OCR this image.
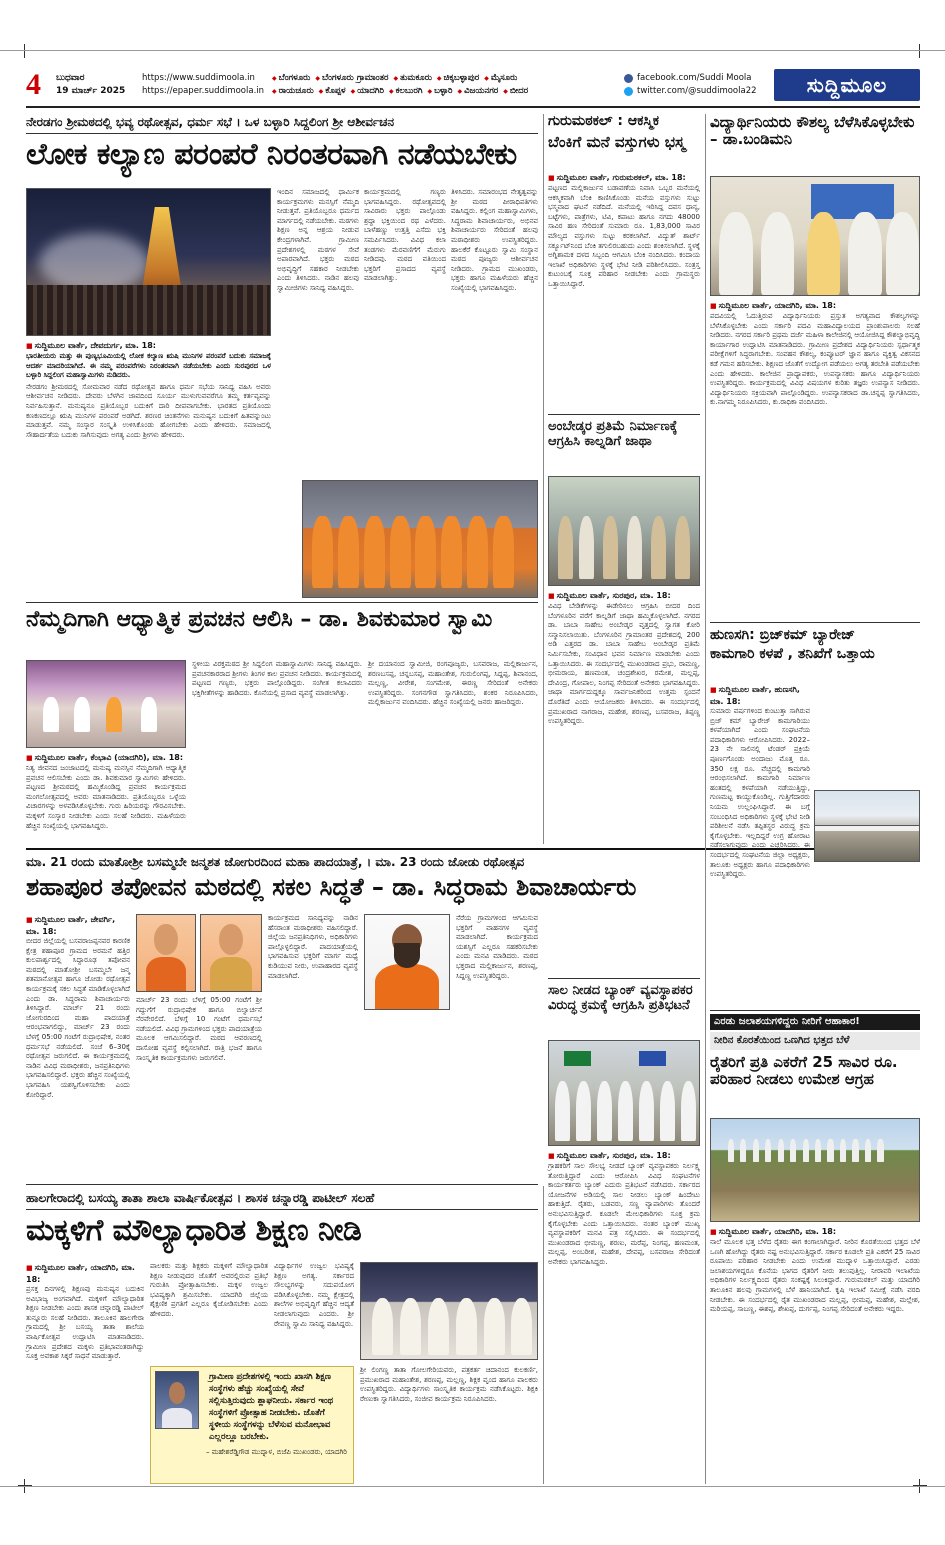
4	ಬುಧವಾರ
19 ಮಾರ್ಚ್ 2025
https://www.suddimoola.in
https://epaper.suddimoola.in
◆ ಬೆಂಗಳೂರು	◆ ಬೆಂಗಳೂರು ಗ್ರಾಮಾಂತರ	◆ ತುಮಕೂರು	◆ ಚಿಕ್ಕಬಳ್ಳಾಪುರ	◆ ಮೈಸೂರು
◆ ರಾಯಚೂರು	◆ ಕೊಪ್ಪಳ	◆ ಯಾದಗಿರಿ	◆ ಕಲಬುರಗಿ	◆ ಬಳ್ಳಾರಿ	◆ ವಿಜಯನಗರ	◆ ಬೀದರ
facebook.com/Suddi Moola
twitter.com/@suddimoola22	ಸುದ್ದಿಮೂಲ
ನೇರಡಗಂ ಶ್ರೀಮಠದಲ್ಲಿ ಭವ್ಯ ರಥೋತ್ಸವ, ಧರ್ಮ ಸಭೆ । ಒಳ ಬಳ್ಳಾರಿ ಸಿದ್ದಲಿಂಗ ಶ್ರೀ ಆಶೀರ್ವಚನ
ಲೋಕ ಕಲ್ಯಾಣ ಪರಂಪರೆ ನಿರಂತರವಾಗಿ ನಡೆಯಬೇಕು
■ ಸುದ್ದಿಮೂಲ ವಾರ್ತೆ, ದೇವದುರ್ಗ, ಮಾ. 18:
ಭಾರತೀಯರು ಮತ್ತು ಈ ಪುಣ್ಯಭೂಮಿಯಲ್ಲಿ ಲೋಕ ಕಲ್ಯಾಣ ಋಷಿ ಮುನಿಗಳ ಪರಂಪರೆ ಬದುಕು ಸಮಾಜಕ್ಕೆ ಆದರ್ಶ ಮಾದರಿಯಾಗಿದೆ. ಈ ನಮ್ಮ ಪರಂಪರೆಗಳು ನಿರಂತರವಾಗಿ ನಡೆಯಬೇಕು ಎಂದು ಸುರಪುರದ ಒಳ ಬಳ್ಳಾರಿ ಸಿದ್ದಲಿಂಗ ಮಹಾಸ್ವಾಮಿಗಳು ನುಡಿದರು.
ನೇರಡಗಂ ಶ್ರೀಮಠದಲ್ಲಿ ಸೋಮವಾರ ನಡೆದ ರಥೋತ್ಸವ ಹಾಗೂ ಧರ್ಮ ಸಭೆಯ ಸಾನಿಧ್ಯ ವಹಿಸಿ ಅವರು ಆಶೀರ್ವಚನ ನೀಡಿದರು. ದೇವರು ಬೆಳಗಿನ ಜಾವದಿಂದ ಸೂರ್ಯ ಮುಳುಗುವವರೆಗೂ ತಮ್ಮ ಕರ್ತವ್ಯವನ್ನು ನಿರ್ವಹಿಸುತ್ತಾನೆ. ಮನುಷ್ಯನೂ ಪ್ರತಿಯೊಬ್ಬರ ಬದುಕಿಗೆ ದಾರಿ ದೀಪವಾಗಬೇಕು. ಭಾರತದ ಪ್ರತಿಯೊಂದು ಕಣಕಣದಲ್ಲೂ ಋಷಿ ಮುನಿಗಳ ಪರಂಪರೆ ಅಡಗಿದೆ. ಶರಣರ ಚಿಂತನೆಗಳು ಮನುಷ್ಯನ ಬದುಕಿಗೆ ಹಿತವನ್ನುಂಟು ಮಾಡುತ್ತವೆ. ನಮ್ಮ ಸಂಸ್ಕಾರ ಸಂಸ್ಕೃತಿ ಉಳಿಸಿಕೊಂಡು ಹೋಗಬೇಕು ಎಂದು ಹೇಳಿದರು. ಸಮಾಜದಲ್ಲಿ ಸೌಹಾರ್ದತೆಯ ಬದುಕು ಸಾಗಿಸುವುದು ಅಗತ್ಯ ಎಂದು ಶ್ರೀಗಳು ಹೇಳಿದರು.
ಇಂದಿನ ಸಮಾಜದಲ್ಲಿ ಧಾರ್ಮಿಕ ಕಾರ್ಯಕ್ರಮಗಳು ಮನಸ್ಸಿಗೆ ನೆಮ್ಮದಿ ನೀಡುತ್ತವೆ. ಪ್ರತಿಯೊಬ್ಬರೂ ಧರ್ಮದ ಮಾರ್ಗದಲ್ಲಿ ನಡೆಯಬೇಕು. ಮಠಗಳು ಶಿಕ್ಷಣ ಅನ್ನ ಆಶ್ರಯ ನೀಡುವ ಕೇಂದ್ರಗಳಾಗಿವೆ. ಗ್ರಾಮೀಣ ಪ್ರದೇಶಗಳಲ್ಲಿ ಮಠಗಳ ಸೇವೆ ಅಪಾರವಾಗಿದೆ. ಭಕ್ತರು ಮಠದ ಅಭಿವೃದ್ಧಿಗೆ ಸಹಕಾರ ನೀಡಬೇಕು ಎಂದು ತಿಳಿಸಿದರು. ನಾಡಿನ ಹಲವು ಸ್ವಾಮೀಜಿಗಳು ಸಾನಿಧ್ಯ ವಹಿಸಿದ್ದರು.
ಕಾರ್ಯಕ್ರಮದಲ್ಲಿ ಗಣ್ಯರು ಭಾಗವಹಿಸಿದ್ದರು. ರಥೋತ್ಸವದಲ್ಲಿ ಸಾವಿರಾರು ಭಕ್ತರು ಪಾಲ್ಗೊಂಡು ಶ್ರದ್ಧಾ ಭಕ್ತಿಯಿಂದ ರಥ ಎಳೆದರು. ಬಾಳೆಹಣ್ಣು ಉತ್ತತ್ತಿ ಎಸೆದು ಭಕ್ತಿ ಸಮರ್ಪಿಸಿದರು. ವಿವಿಧ ಕಲಾ ತಂಡಗಳು ಮೆರವಣಿಗೆಗೆ ಮೆರುಗು ನೀಡಿದವು. ಮಠದ ವತಿಯಿಂದ ಭಕ್ತರಿಗೆ ಪ್ರಸಾದದ ವ್ಯವಸ್ಥೆ ಮಾಡಲಾಗಿತ್ತು.
ತಿಳಿಸಿದರು. ಸಮಾರಂಭದ ನೇತೃತ್ವವನ್ನು ಶ್ರೀ ಮಠದ ಪೀಠಾಧಿಪತಿಗಳು ವಹಿಸಿದ್ದರು. ಕಲ್ಲಿಂಗ ಮಹಾಸ್ವಾಮಿಗಳು, ಸಿದ್ಧರಾಮ ಶಿವಾಚಾರ್ಯರು, ಅಭಿನವ ಶಿವಾಚಾರ್ಯರು ಸೇರಿದಂತೆ ಹಲವು ಮಠಾಧೀಶರು ಉಪಸ್ಥಿತರಿದ್ದರು. ಹಾಲಕೆರೆ ಕೊಟ್ಟೂರು ಸ್ವಾಮಿ ಸಂಸ್ಥಾನ ಮಠದ ಪೂಜ್ಯರು ಆಶೀರ್ವಚನ ನೀಡಿದರು. ಗ್ರಾಮದ ಮುಖಂಡರು, ಭಕ್ತರು ಹಾಗೂ ಮಹಿಳೆಯರು ಹೆಚ್ಚಿನ ಸಂಖ್ಯೆಯಲ್ಲಿ ಭಾಗವಹಿಸಿದ್ದರು.
ನೆಮ್ಮದಿಗಾಗಿ ಆಧ್ಯಾತ್ಮಿಕ ಪ್ರವಚನ ಆಲಿಸಿ – ಡಾ. ಶಿವಕುಮಾರ ಸ್ವಾಮಿ
■ ಸುದ್ದಿಮೂಲ ವಾರ್ತೆ, ಕೆಂಭಾವಿ (ಯಾದಗಿರಿ), ಮಾ. 18:
ನಿತ್ಯ ಜೀವನದ ಜಂಜಾಟದಲ್ಲಿ ಮನುಷ್ಯ ಮನಸ್ಸಿನ ನೆಮ್ಮದಿಗಾಗಿ ಆಧ್ಯಾತ್ಮಿಕ ಪ್ರವಚನ ಆಲಿಸಬೇಕು ಎಂದು ಡಾ. ಶಿವಕುಮಾರ ಸ್ವಾಮಿಗಳು ಹೇಳಿದರು. ಪಟ್ಟಣದ ಶ್ರೀಮಠದಲ್ಲಿ ಹಮ್ಮಿಕೊಂಡಿದ್ದ ಪ್ರವಚನ ಕಾರ್ಯಕ್ರಮದ ಮಂಗಲೋತ್ಸವದಲ್ಲಿ ಅವರು ಮಾತನಾಡಿದರು. ಪ್ರತಿಯೊಬ್ಬರೂ ಒಳ್ಳೆಯ ವಿಚಾರಗಳನ್ನು ಅಳವಡಿಸಿಕೊಳ್ಳಬೇಕು. ಗುರು ಹಿರಿಯರನ್ನು ಗೌರವಿಸಬೇಕು. ಮಕ್ಕಳಿಗೆ ಸಂಸ್ಕಾರ ನೀಡಬೇಕು ಎಂದು ಸಲಹೆ ನೀಡಿದರು. ಮಹಿಳೆಯರು ಹೆಚ್ಚಿನ ಸಂಖ್ಯೆಯಲ್ಲಿ ಭಾಗವಹಿಸಿದ್ದರು.
ಸ್ಥಳೀಯ ವಿರಕ್ತಮಠದ ಶ್ರೀ ಸಿದ್ದಲಿಂಗ ಮಹಾಸ್ವಾಮಿಗಳು ಸಾನಿಧ್ಯ ವಹಿಸಿದ್ದರು. ಪ್ರವಚನಕಾರರಾದ ಶ್ರೀಗಳು ತಿಂಗಳ ಕಾಲ ಪ್ರವಚನ ನೀಡಿದರು. ಕಾರ್ಯಕ್ರಮದಲ್ಲಿ ಪಟ್ಟಣದ ಗಣ್ಯರು, ಭಕ್ತರು ಪಾಲ್ಗೊಂಡಿದ್ದರು. ಸಂಗೀತ ಕಲಾವಿದರು ಭಕ್ತಿಗೀತೆಗಳನ್ನು ಹಾಡಿದರು. ಕೊನೆಯಲ್ಲಿ ಪ್ರಸಾದ ವ್ಯವಸ್ಥೆ ಮಾಡಲಾಗಿತ್ತು.
ಶ್ರೀ ದಯಾನಂದ ಸ್ವಾಮೀಜಿ, ರಂಗಪೂಜ್ಯರು, ಬಸವರಾಜ, ಮಲ್ಲಿಕಾರ್ಜುನ, ಶರಣಬಸಪ್ಪ, ಚನ್ನಬಸಪ್ಪ, ಮಹಾಂತೇಶ, ಗುರುಲಿಂಗಪ್ಪ, ಸಿದ್ದಪ್ಪ, ಶಿವಾನಂದ, ಮಲ್ಲಣ್ಣ, ವೀರೇಶ, ಸಂಗಮೇಶ, ಈರಣ್ಣ ಸೇರಿದಂತೆ ಅನೇಕರು ಉಪಸ್ಥಿತರಿದ್ದರು. ಸಂಗನಗೌಡ ಸ್ವಾಗತಿಸಿದರು, ಶಂಕರ ನಿರೂಪಿಸಿದರು, ಮಲ್ಲಿಕಾರ್ಜುನ ವಂದಿಸಿದರು. ಹೆಚ್ಚಿನ ಸಂಖ್ಯೆಯಲ್ಲಿ ಜನರು ಹಾಜರಿದ್ದರು.
ಮಾ. 21 ರಂದು ಮಾತೋಶ್ರೀ ಬಸಮ್ಮಬೇ ಜನ್ಮಶತ ಜೋಗುರದಿಂದ ಮಹಾ ಪಾದಯಾತ್ರೆ, । ಮಾ. 23 ರಂದು ಜೋಡು ರಥೋತ್ಸವ
ಶಹಾಪೂರ ತಪೋವನ ಮಠದಲ್ಲಿ ಸಕಲ ಸಿದ್ಧತೆ – ಡಾ. ಸಿದ್ಧರಾಮ ಶಿವಾಚಾರ್ಯರು
■ ಸುದ್ದಿಮೂಲ ವಾರ್ತೆ, ಜೇವರ್ಗಿ, ಮಾ. 18:
ಬೀದರ ಜಿಲ್ಲೆಯಲ್ಲಿ ಬಸವರಾಜಪ್ಪನವರ ಕಾರಣಿಕ ಕ್ಷೇತ್ರ ಶಹಾಪೂರ ಗ್ರಾಮದ ಅರಮನೆ ಹತ್ತಿರ ಕುಲಪಾರ್ಶ್ವದಲ್ಲಿ ಸಿದ್ದಾರೂಢ ತಪೋವನ ಮಠದಲ್ಲಿ ಮಾತೋಶ್ರೀ ಬಸಮ್ಮಬೇ ಜನ್ಮ ಶತಮಾನೋತ್ಸವ ಹಾಗೂ ಜೋಡು ರಥೋತ್ಸವ ಕಾರ್ಯಕ್ರಮಕ್ಕೆ ಸಕಲ ಸಿದ್ಧತೆ ಮಾಡಿಕೊಳ್ಳಲಾಗಿದೆ ಎಂದು ಡಾ. ಸಿದ್ಧರಾಮ ಶಿವಾಚಾರ್ಯರು ತಿಳಿಸಿದ್ದಾರೆ. ಮಾರ್ಚ್ 21 ರಂದು ಜೋಗುರದಿಂದ ಮಹಾ ಪಾದಯಾತ್ರೆ ಆರಂಭವಾಗಲಿದ್ದು, ಮಾರ್ಚ್ 23 ರಂದು ಬೆಳಗ್ಗೆ 05:00 ಗಂಟೆಗೆ ರುದ್ರಾಭಿಷೇಕ, ನಂತರ ಧರ್ಮಸಭೆ ನಡೆಯಲಿದೆ. ಸಂಜೆ 6–30ಕ್ಕೆ ರಥೋತ್ಸವ ಜರುಗಲಿದೆ. ಈ ಕಾರ್ಯಕ್ರಮದಲ್ಲಿ ನಾಡಿನ ವಿವಿಧ ಮಠಾಧೀಶರು, ಜನಪ್ರತಿನಿಧಿಗಳು ಭಾಗವಹಿಸಲಿದ್ದಾರೆ. ಭಕ್ತರು ಹೆಚ್ಚಿನ ಸಂಖ್ಯೆಯಲ್ಲಿ ಭಾಗವಹಿಸಿ ಯಶಸ್ವಿಗೊಳಿಸಬೇಕು ಎಂದು ಕೋರಿದ್ದಾರೆ.
ಮಾರ್ಚ್ 23 ರಂದು ಬೆಳಿಗ್ಗೆ 05:00 ಗಂಟೆಗೆ ಶ್ರೀ ಗದ್ದುಗೆಗೆ ರುದ್ರಾಭಿಷೇಕ ಹಾಗೂ ಬಿಲ್ವಾರ್ಚನೆ ನೆರವೇರಲಿದೆ. ಬೆಳಿಗ್ಗೆ 10 ಗಂಟೆಗೆ ಧರ್ಮಸಭೆ ನಡೆಯಲಿದೆ. ವಿವಿಧ ಗ್ರಾಮಗಳಿಂದ ಭಕ್ತರು ಪಾದಯಾತ್ರೆಯ ಮೂಲಕ ಆಗಮಿಸಲಿದ್ದಾರೆ. ಮಠದ ಆವರಣದಲ್ಲಿ ದಾಸೋಹ ವ್ಯವಸ್ಥೆ ಕಲ್ಪಿಸಲಾಗಿದೆ. ರಾತ್ರಿ ಭಜನೆ ಹಾಗೂ ಸಾಂಸ್ಕೃತಿಕ ಕಾರ್ಯಕ್ರಮಗಳು ಜರುಗಲಿವೆ.
ಕಾರ್ಯಕ್ರಮದ ಸಾನಿಧ್ಯವನ್ನು ನಾಡಿನ ಹೆಸರಾಂತ ಮಠಾಧೀಶರು ವಹಿಸಲಿದ್ದಾರೆ. ಜಿಲ್ಲೆಯ ಜನಪ್ರತಿನಿಧಿಗಳು, ಅಧಿಕಾರಿಗಳು ಪಾಲ್ಗೊಳ್ಳಲಿದ್ದಾರೆ. ಪಾದಯಾತ್ರೆಯಲ್ಲಿ ಭಾಗವಹಿಸುವ ಭಕ್ತರಿಗೆ ಮಾರ್ಗ ಮಧ್ಯೆ ಕುಡಿಯುವ ನೀರು, ಉಪಾಹಾರದ ವ್ಯವಸ್ಥೆ ಮಾಡಲಾಗಿದೆ.
ನೆರೆಯ ಗ್ರಾಮಗಳಿಂದ ಆಗಮಿಸುವ ಭಕ್ತರಿಗೆ ವಾಹನಗಳ ವ್ಯವಸ್ಥೆ ಮಾಡಲಾಗಿದೆ. ಕಾರ್ಯಕ್ರಮದ ಯಶಸ್ಸಿಗೆ ಎಲ್ಲರೂ ಸಹಕರಿಸಬೇಕು ಎಂದು ಮನವಿ ಮಾಡಿದರು. ಮಠದ ಭಕ್ತರಾದ ಮಲ್ಲಿಕಾರ್ಜುನ, ಶರಣಪ್ಪ, ಸಿದ್ದಣ್ಣ ಉಪಸ್ಥಿತರಿದ್ದರು.
ಹಾಲಗೇರಾದಲ್ಲಿ ಬಸಯ್ಯ ತಾತಾ ಶಾಲಾ ವಾರ್ಷಿಕೋತ್ಸವ । ಶಾಸಕ ಚನ್ನಾರಡ್ಡಿ ಪಾಟೀಲ್ ಸಲಹೆ
ಮಕ್ಕಳಿಗೆ ಮೌಲ್ಯಾಧಾರಿತ ಶಿಕ್ಷಣ ನೀಡಿ
■ ಸುದ್ದಿಮೂಲ ವಾರ್ತೆ, ಯಾದಗಿರಿ, ಮಾ. 18:
ಪ್ರಸಕ್ತ ದಿನಗಳಲ್ಲಿ ಶಿಕ್ಷಣವು ಮನುಷ್ಯನ ಬದುಕಿನ ಅವಿಭಾಜ್ಯ ಅಂಗವಾಗಿದೆ. ಮಕ್ಕಳಿಗೆ ಮೌಲ್ಯಾಧಾರಿತ ಶಿಕ್ಷಣ ನೀಡಬೇಕು ಎಂದು ಶಾಸಕ ಚನ್ನಾರಡ್ಡಿ ಪಾಟೀಲ್ ತುನ್ನೂರು ಸಲಹೆ ನೀಡಿದರು. ತಾಲೂಕಿನ ಹಾಲಗೇರಾ ಗ್ರಾಮದಲ್ಲಿ ಶ್ರೀ ಬಸಯ್ಯ ತಾತಾ ಶಾಲೆಯ ವಾರ್ಷಿಕೋತ್ಸವ ಉದ್ಘಾಟಿಸಿ ಮಾತನಾಡಿದರು. ಗ್ರಾಮೀಣ ಪ್ರದೇಶದ ಮಕ್ಕಳು ಪ್ರತಿಭಾವಂತರಾಗಿದ್ದು ಸೂಕ್ತ ಅವಕಾಶ ಸಿಕ್ಕರೆ ಸಾಧನೆ ಮಾಡುತ್ತಾರೆ.
ಪಾಲಕರು ಮತ್ತು ಶಿಕ್ಷಕರು ಮಕ್ಕಳಿಗೆ ಮೌಲ್ಯಾಧಾರಿತ ಶಿಕ್ಷಣ ನೀಡುವುದರ ಜೊತೆಗೆ ಅವರಲ್ಲಿರುವ ಪ್ರತಿಭೆ ಗುರುತಿಸಿ ಪ್ರೋತ್ಸಾಹಿಸಬೇಕು. ಮಕ್ಕಳ ಉಜ್ವಲ ಭವಿಷ್ಯಕ್ಕಾಗಿ ಶ್ರಮಿಸಬೇಕು. ಯಾದಗಿರಿ ಜಿಲ್ಲೆಯ ಶೈಕ್ಷಣಿಕ ಪ್ರಗತಿಗೆ ಎಲ್ಲರೂ ಕೈಜೋಡಿಸಬೇಕು ಎಂದು ಹೇಳಿದರು.
ವಿದ್ಯಾರ್ಥಿಗಳ ಉಜ್ವಲ ಭವಿಷ್ಯಕ್ಕೆ ಶಿಕ್ಷಣ ಅಗತ್ಯ. ಸರ್ಕಾರದ ಸೌಲಭ್ಯಗಳನ್ನು ಸದುಪಯೋಗ ಪಡಿಸಿಕೊಳ್ಳಬೇಕು. ನಮ್ಮ ಕ್ಷೇತ್ರದಲ್ಲಿ ಶಾಲೆಗಳ ಅಭಿವೃದ್ಧಿಗೆ ಹೆಚ್ಚಿನ ಆದ್ಯತೆ ನೀಡಲಾಗುವುದು ಎಂದರು. ಶ್ರೀ ರೇವಣ್ಣ ಸ್ವಾಮಿ ಸಾನಿಧ್ಯ ವಹಿಸಿದ್ದರು.
ಗ್ರಾಮೀಣ ಪ್ರದೇಶಗಳಲ್ಲಿ ಇಂದು ಖಾಸಗಿ ಶಿಕ್ಷಣ ಸಂಸ್ಥೆಗಳು ಹೆಚ್ಚು ಸಂಖ್ಯೆಯಲ್ಲಿ ಸೇವೆ ಸಲ್ಲಿಸುತ್ತಿರುವುದು ಶ್ಲಾಘನೀಯ. ಸರ್ಕಾರ ಇಂಥ ಸಂಸ್ಥೆಗಳಿಗೆ ಪ್ರೋತ್ಸಾಹ ನೀಡಬೇಕು. ಜೊತೆಗೆ ಸ್ಥಳೀಯ ಸಂಸ್ಥೆಗಳನ್ನು ಬೆಳೆಸುವ ಮನೋಭಾವ ಎಲ್ಲರಲ್ಲೂ ಬರಬೇಕು.
– ಮಹೇಶರೆಡ್ಡಿಗೌಡ ಮುದ್ನಾಳ, ಬಿಜೆಪಿ ಮುಖಂಡರು, ಯಾದಗಿರಿ
ಶ್ರೀ ಲಿಂಗಣ್ಣ ತಾತಾ ಗೋಲಗೇರಿಯವರು, ಪತ್ರಕರ್ತ ಚಿದಾನಂದ ಕುಲಕರ್ಣಿ, ಪ್ರಮುಖರಾದ ಮಹಾಂತೇಶ, ಶರಣಪ್ಪ, ಮಲ್ಲಣ್ಣ, ಶಿಕ್ಷಕ ವೃಂದ ಹಾಗೂ ಪಾಲಕರು ಉಪಸ್ಥಿತರಿದ್ದರು. ವಿದ್ಯಾರ್ಥಿಗಳು ಸಾಂಸ್ಕೃತಿಕ ಕಾರ್ಯಕ್ರಮ ನಡೆಸಿಕೊಟ್ಟರು. ಶಿಕ್ಷಕಿ ರೇಣುಕಾ ಸ್ವಾಗತಿಸಿದರು, ಸಂಜೀವ ಕಾರ್ಯಕ್ರಮ ನಿರೂಪಿಸಿದರು.
ಗುರುಮಠಕಲ್ : ಆಕಸ್ಮಿಕ
ಬೆಂಕಿಗೆ ಮನೆ ವಸ್ತುಗಳು ಭಸ್ಮ
■ ಸುದ್ದಿಮೂಲ ವಾರ್ತೆ, ಗುರುಮಠಕಲ್, ಮಾ. 18:
ಪಟ್ಟಣದ ಮಲ್ಲಿಕಾರ್ಜುನ ಬಡಾವಣೆಯ ನಿವಾಸಿ ಒಬ್ಬರ ಮನೆಯಲ್ಲಿ ಆಕಸ್ಮಿಕವಾಗಿ ಬೆಂಕಿ ಕಾಣಿಸಿಕೊಂಡು ಮನೆಯ ವಸ್ತುಗಳು ಸುಟ್ಟು ಭಸ್ಮವಾದ ಘಟನೆ ನಡೆದಿದೆ. ಮನೆಯಲ್ಲಿ ಇರಿಸಿದ್ದ ದವಸ ಧಾನ್ಯ, ಬಟ್ಟೆಗಳು, ಪಾತ್ರೆಗಳು, ಟಿವಿ, ಕಪಾಟು ಹಾಗೂ ನಗದು 48000 ಸಾವಿರ ಹಣ ಸೇರಿದಂತೆ ಸುಮಾರು ರೂ. 1,83,000 ಸಾವಿರ ಮೌಲ್ಯದ ವಸ್ತುಗಳು ಸುಟ್ಟು ಕರಕಲಾಗಿವೆ. ವಿದ್ಯುತ್ ಶಾರ್ಟ್ ಸರ್ಕ್ಯೂಟ್‌ನಿಂದ ಬೆಂಕಿ ತಗುಲಿರಬಹುದು ಎಂದು ಶಂಕಿಸಲಾಗಿದೆ. ಸ್ಥಳಕ್ಕೆ ಅಗ್ನಿಶಾಮಕ ದಳದ ಸಿಬ್ಬಂದಿ ಆಗಮಿಸಿ ಬೆಂಕಿ ನಂದಿಸಿದರು. ಕಂದಾಯ ಇಲಾಖೆ ಅಧಿಕಾರಿಗಳು ಸ್ಥಳಕ್ಕೆ ಭೇಟಿ ನೀಡಿ ಪರಿಶೀಲಿಸಿದರು. ಸಂತ್ರಸ್ತ ಕುಟುಂಬಕ್ಕೆ ಸೂಕ್ತ ಪರಿಹಾರ ನೀಡಬೇಕು ಎಂದು ಗ್ರಾಮಸ್ಥರು ಒತ್ತಾಯಿಸಿದ್ದಾರೆ.
ಅಂಬೇಡ್ಕರ ಪ್ರತಿಮೆ ನಿರ್ಮಾಣಕ್ಕೆ ಆಗ್ರಹಿಸಿ ಕಾಲ್ನಡಿಗೆ ಜಾಥಾ
■ ಸುದ್ದಿಮೂಲ ವಾರ್ತೆ, ಸುರಪುರ, ಮಾ. 18:
ವಿವಿಧ ಬೇಡಿಕೆಗಳನ್ನು ಈಡೇರಿಸಲು ಆಗ್ರಹಿಸಿ ಬೀದರ ದಿಂದ ಬೆಂಗಳೂರಿನ ವರೆಗೆ ಕಾಲ್ನಡಿಗೆ ಜಾಥಾ ಹಮ್ಮಿಕೊಳ್ಳಲಾಗಿದೆ. ನಗರದ ಡಾ. ಬಾಬಾ ಸಾಹೇಬ ಅಂಬೇಡ್ಕರ ವೃತ್ತದಲ್ಲಿ ಸ್ವಾಗತ ಕೋರಿ ಸನ್ಮಾನಿಸಲಾಯಿತು. ಬೆಂಗಳೂರಿನ ಗ್ರಾಮಾಂತರ ಪ್ರದೇಶದಲ್ಲಿ 200 ಅಡಿ ಎತ್ತರದ ಡಾ. ಬಾಬಾ ಸಾಹೇಬ ಅಂಬೇಡ್ಕರ ಪ್ರತಿಮೆ ನಿರ್ಮಿಸಬೇಕು, ಸಂವಿಧಾನ ಭವನ ನಿರ್ಮಾಣ ಮಾಡಬೇಕು ಎಂದು ಒತ್ತಾಯಿಸಿದರು. ಈ ಸಂದರ್ಭದಲ್ಲಿ ಮುಖಂಡರಾದ ಪ್ರಭು, ರಾಮಣ್ಣ, ಭೀಮರಾಯ, ಹಣಮಂತ, ಚಂದ್ರಶೇಖರ, ರಮೇಶ, ಮಲ್ಲಪ್ಪ, ದೇವಿಂದ್ರ, ಗೋಪಾಲ, ನಿಂಗಪ್ಪ ಸೇರಿದಂತೆ ಅನೇಕರು ಭಾಗವಹಿಸಿದ್ದರು. ಜಾಥಾ ಮಾರ್ಗದುದ್ದಕ್ಕೂ ಸಾರ್ವಜನಿಕರಿಂದ ಉತ್ತಮ ಸ್ಪಂದನೆ ದೊರೆತಿದೆ ಎಂದು ಆಯೋಜಕರು ತಿಳಿಸಿದರು. ಈ ಸಂದರ್ಭದಲ್ಲಿ ಪ್ರಮುಖರಾದ ನಾಗರಾಜ, ಮಹೇಶ, ಶರಣಪ್ಪ, ಬಸವರಾಜ, ತಿಪ್ಪಣ್ಣ ಉಪಸ್ಥಿತರಿದ್ದರು.
ಸಾಲ ನೀಡದ ಬ್ಯಾಂಕ್ ವ್ಯವಸ್ಥಾಪಕರ ವಿರುದ್ಧ ಕ್ರಮಕ್ಕೆ ಆಗ್ರಹಿಸಿ ಪ್ರತಿಭಟನೆ
■ ಸುದ್ದಿಮೂಲ ವಾರ್ತೆ, ಸುರಪುರ, ಮಾ. 18:
ಗ್ರಾಹಕರಿಗೆ ಸಾಲ ಸೌಲಭ್ಯ ನೀಡದೆ ಬ್ಯಾಂಕ್ ವ್ಯವಸ್ಥಾಪಕರು ನಿರ್ಲಕ್ಷ್ಯ ತೋರುತ್ತಿದ್ದಾರೆ ಎಂದು ಆರೋಪಿಸಿ ವಿವಿಧ ಸಂಘಟನೆಗಳ ಕಾರ್ಯಕರ್ತರು ಬ್ಯಾಂಕ್ ಎದುರು ಪ್ರತಿಭಟನೆ ನಡೆಸಿದರು. ಸರ್ಕಾರದ ಯೋಜನೆಗಳ ಅಡಿಯಲ್ಲಿ ಸಾಲ ನೀಡಲು ಬ್ಯಾಂಕ್ ಹಿಂದೇಟು ಹಾಕುತ್ತಿದೆ. ರೈತರು, ಬಡವರು, ಸಣ್ಣ ವ್ಯಾಪಾರಿಗಳು ತೊಂದರೆ ಅನುಭವಿಸುತ್ತಿದ್ದಾರೆ. ಕೂಡಲೇ ಮೇಲಧಿಕಾರಿಗಳು ಸೂಕ್ತ ಕ್ರಮ ಕೈಗೊಳ್ಳಬೇಕು ಎಂದು ಒತ್ತಾಯಿಸಿದರು. ನಂತರ ಬ್ಯಾಂಕ್ ಮುಖ್ಯ ವ್ಯವಸ್ಥಾಪಕರಿಗೆ ಮನವಿ ಪತ್ರ ಸಲ್ಲಿಸಿದರು. ಈ ಸಂದರ್ಭದಲ್ಲಿ ಮುಖಂಡರಾದ ಭೀಮಣ್ಣ, ಶರಣು, ಮರೆಪ್ಪ, ನಿಂಗಪ್ಪ, ಹಣಮಂತ, ಮಲ್ಲಪ್ಪ, ಅಂಬರೀಶ, ಮಹೇಶ, ದೇವಪ್ಪ, ಬಸವರಾಜ ಸೇರಿದಂತೆ ಅನೇಕರು ಭಾಗವಹಿಸಿದ್ದರು.
ವಿದ್ಯಾರ್ಥಿನಿಯರು ಕೌಶಲ್ಯ ಬೆಳೆಸಿಕೊಳ್ಳಬೇಕು – ಡಾ.ಬಂಡಿಮನಿ
■ ಸುದ್ದಿಮೂಲ ವಾರ್ತೆ, ಯಾದಗಿರಿ, ಮಾ. 18:
ಪದವಿಯಲ್ಲಿ ಓದುತ್ತಿರುವ ವಿದ್ಯಾರ್ಥಿನಿಯರು ಪ್ರಸ್ತುತ ಅಗತ್ಯವಾದ ಕೌಶಲ್ಯಗಳನ್ನು ಬೆಳೆಸಿಕೊಳ್ಳಬೇಕು ಎಂದು ಸರ್ಕಾರಿ ಪದವಿ ಮಹಾವಿದ್ಯಾಲಯದ ಪ್ರಾಂಶುಪಾಲರು ಸಲಹೆ ನೀಡಿದರು. ನಗರದ ಸರ್ಕಾರಿ ಪ್ರಥಮ ದರ್ಜೆ ಮಹಿಳಾ ಕಾಲೇಜಿನಲ್ಲಿ ಆಯೋಜಿಸಿದ್ದ ಕೌಶಲ್ಯಾಭಿವೃದ್ಧಿ ಕಾರ್ಯಾಗಾರ ಉದ್ಘಾಟಿಸಿ ಮಾತನಾಡಿದರು. ಗ್ರಾಮೀಣ ಪ್ರದೇಶದ ವಿದ್ಯಾರ್ಥಿನಿಯರು ಸ್ಪರ್ಧಾತ್ಮಕ ಪರೀಕ್ಷೆಗಳಿಗೆ ಸಿದ್ಧರಾಗಬೇಕು. ಸಂವಹನ ಕೌಶಲ್ಯ, ಕಂಪ್ಯೂಟರ್ ಜ್ಞಾನ ಹಾಗೂ ವ್ಯಕ್ತಿತ್ವ ವಿಕಸನದ ಕಡೆ ಗಮನ ಹರಿಸಬೇಕು. ಶಿಕ್ಷಣದ ಜೊತೆಗೆ ಉದ್ಯೋಗ ಪಡೆಯಲು ಅಗತ್ಯ ತರಬೇತಿ ಪಡೆಯಬೇಕು ಎಂದು ಹೇಳಿದರು. ಕಾಲೇಜಿನ ಪ್ರಾಧ್ಯಾಪಕರು, ಉಪನ್ಯಾಸಕರು ಹಾಗೂ ವಿದ್ಯಾರ್ಥಿನಿಯರು ಉಪಸ್ಥಿತರಿದ್ದರು. ಕಾರ್ಯಕ್ರಮದಲ್ಲಿ ವಿವಿಧ ವಿಷಯಗಳ ಕುರಿತು ತಜ್ಞರು ಉಪನ್ಯಾಸ ನೀಡಿದರು. ವಿದ್ಯಾರ್ಥಿನಿಯರು ಸಕ್ರಿಯವಾಗಿ ಪಾಲ್ಗೊಂಡಿದ್ದರು. ಉಪನ್ಯಾಸಕರಾದ ಡಾ.ಚನ್ನಪ್ಪ ಸ್ವಾಗತಿಸಿದರು, ಕು.ನಾಗಮ್ಮ ನಿರೂಪಿಸಿದರು, ಕು.ರಾಧಿಕಾ ವಂದಿಸಿದರು.
ಹುಣಸಗಿ: ಬ್ರಿಜ್‌ಕಮ್ ಬ್ಯಾರೇಜ್
ಕಾಮಗಾರಿ ಕಳಪೆ , ತನಿಖೆಗೆ ಒತ್ತಾಯ
■ ಸುದ್ದಿಮೂಲ ವಾರ್ತೆ, ಹುಣಸಗಿ, ಮಾ. 18:
ಸುಮಾರು ವರ್ಷಗಳಿಂದ ಕುಂಟುತ್ತಾ ಸಾಗಿರುವ ಬ್ರಿಜ್ ಕಮ್ ಬ್ಯಾರೇಜ್ ಕಾಮಗಾರಿಯು ಕಳಪೆಯಾಗಿದೆ ಎಂದು ಸಂಘಟನೆಯ ಪದಾಧಿಕಾರಿಗಳು ಆರೋಪಿಸಿದರು. 2022–23 ನೇ ಸಾಲಿನಲ್ಲಿ ಟೆಂಡರ್ ಪ್ರಕ್ರಿಯೆ ಪೂರ್ಣಗೊಂಡು ಅಂದಾಜು ಮೊತ್ತ ರೂ. 350 ಲಕ್ಷ ರೂ. ವೆಚ್ಚದಲ್ಲಿ ಕಾಮಗಾರಿ ಆರಂಭಿಸಲಾಗಿದೆ. ಕಾಮಗಾರಿ ನಿರ್ಮಾಣ ಹಂತದಲ್ಲಿ ಕಳಪೆಯಾಗಿ ನಡೆಯುತ್ತಿದ್ದು, ಗುಣಮಟ್ಟ ಕಾಯ್ದುಕೊಂಡಿಲ್ಲ. ಗುತ್ತಿಗೆದಾರರು ನಿಯಮ ಉಲ್ಲಂಘಿಸಿದ್ದಾರೆ. ಈ ಬಗ್ಗೆ ಸಂಬಂಧಿಸಿದ ಅಧಿಕಾರಿಗಳು ಸ್ಥಳಕ್ಕೆ ಭೇಟಿ ನೀಡಿ ಪರಿಶೀಲನೆ ನಡೆಸಿ ತಪ್ಪಿತಸ್ಥರ ವಿರುದ್ಧ ಕ್ರಮ ಕೈಗೊಳ್ಳಬೇಕು. ಇಲ್ಲದಿದ್ದರೆ ಉಗ್ರ ಹೋರಾಟ ನಡೆಸಲಾಗುವುದು ಎಂದು ಎಚ್ಚರಿಸಿದರು. ಈ ಸಂದರ್ಭದಲ್ಲಿ ಸಂಘಟನೆಯ ಜಿಲ್ಲಾ ಅಧ್ಯಕ್ಷರು, ತಾಲೂಕು ಅಧ್ಯಕ್ಷರು ಹಾಗೂ ಪದಾಧಿಕಾರಿಗಳು ಉಪಸ್ಥಿತರಿದ್ದರು.
ಎರಡು ಜಲಾಶಯಗಳಿದ್ದರು ನೀರಿಗೆ ಆಹಾಕಾರ!
ನೀರಿನ ಕೊರತೆಯಿಂದ ಒಣಗಿದ ಭತ್ತದ ಬೆಳೆ
ರೈತರಿಗೆ ಪ್ರತಿ ಎಕರೆಗೆ 25 ಸಾವಿರ ರೂ. ಪರಿಹಾರ ನೀಡಲು ಉಮೇಶ ಆಗ್ರಹ
■ ಸುದ್ದಿಮೂಲ ವಾರ್ತೆ, ಯಾದಗಿರಿ, ಮಾ. 18:
ನಾಲೆ ಮೂಲಕ ಭತ್ತ ಬೆಳೆದ ರೈತರು ಈಗ ಕಂಗಾಲಾಗಿದ್ದಾರೆ. ನೀರಿನ ಕೊರತೆಯಿಂದ ಭತ್ತದ ಬೆಳೆ ಒಣಗಿ ಹೋಗಿದ್ದು ರೈತರು ನಷ್ಟ ಅನುಭವಿಸುತ್ತಿದ್ದಾರೆ. ಸರ್ಕಾರ ಕೂಡಲೇ ಪ್ರತಿ ಎಕರೆಗೆ 25 ಸಾವಿರ ರೂಪಾಯಿ ಪರಿಹಾರ ನೀಡಬೇಕು ಎಂದು ಉಮೇಶ ಮುದ್ನಾಳ ಒತ್ತಾಯಿಸಿದ್ದಾರೆ. ಎರಡು ಜಲಾಶಯಗಳಿದ್ದರೂ ಕೊನೆಯ ಭಾಗದ ರೈತರಿಗೆ ನೀರು ತಲುಪುತ್ತಿಲ್ಲ. ನೀರಾವರಿ ಇಲಾಖೆಯ ಅಧಿಕಾರಿಗಳ ನಿರ್ಲಕ್ಷ್ಯದಿಂದ ರೈತರು ಸಂಕಷ್ಟಕ್ಕೆ ಸಿಲುಕಿದ್ದಾರೆ. ಗುರುಮಠಕಲ್ ಮತ್ತು ಯಾದಗಿರಿ ತಾಲೂಕಿನ ಹಲವು ಗ್ರಾಮಗಳಲ್ಲಿ ಬೆಳೆ ಹಾನಿಯಾಗಿದೆ. ಕೃಷಿ ಇಲಾಖೆ ಸಮೀಕ್ಷೆ ನಡೆಸಿ ವರದಿ ನೀಡಬೇಕು. ಈ ಸಂದರ್ಭದಲ್ಲಿ ರೈತ ಮುಖಂಡರಾದ ಮಲ್ಲಪ್ಪ, ಭೀಮಪ್ಪ, ಮಹೇಶ, ಮಲ್ಲೇಶ, ಮರಿಯಪ್ಪ, ಸಾಬಣ್ಣ, ಈಶಪ್ಪ, ಶೇಖಪ್ಪ, ದುರ್ಗಪ್ಪ, ನಿಂಗಪ್ಪ ಸೇರಿದಂತೆ ಅನೇಕರು ಇದ್ದರು.
